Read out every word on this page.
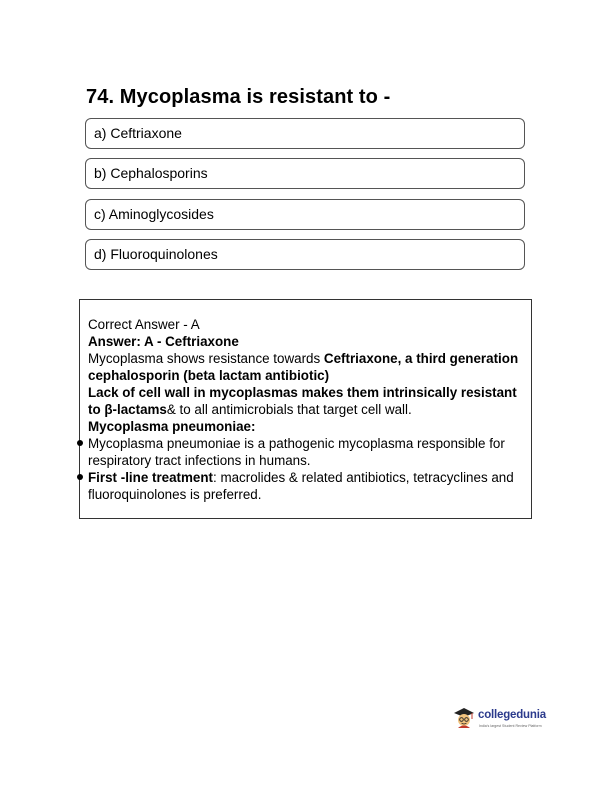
74. Mycoplasma is resistant to -
a) Ceftriaxone
b) Cephalosporins
c) Aminoglycosides
d) Fluoroquinolones

Correct Answer - A

Answer: A - Ceftriaxone

Mycoplasma shows resistance towards Ceftriaxone, a third generation cephalosporin (beta lactam antibiotic)

Lack of cell wall in mycoplasmas makes them intrinsically resistant to β-lactams& to all antimicrobials that target cell wall.

Mycoplasma pneumoniae:

Mycoplasma pneumoniae is a pathogenic mycoplasma responsible for respiratory tract infections in humans.

First -line treatment: macrolides & related antibiotics, tetracyclines and fluoroquinolones is preferred.

collegedunia
India's largest Student Review Platform
